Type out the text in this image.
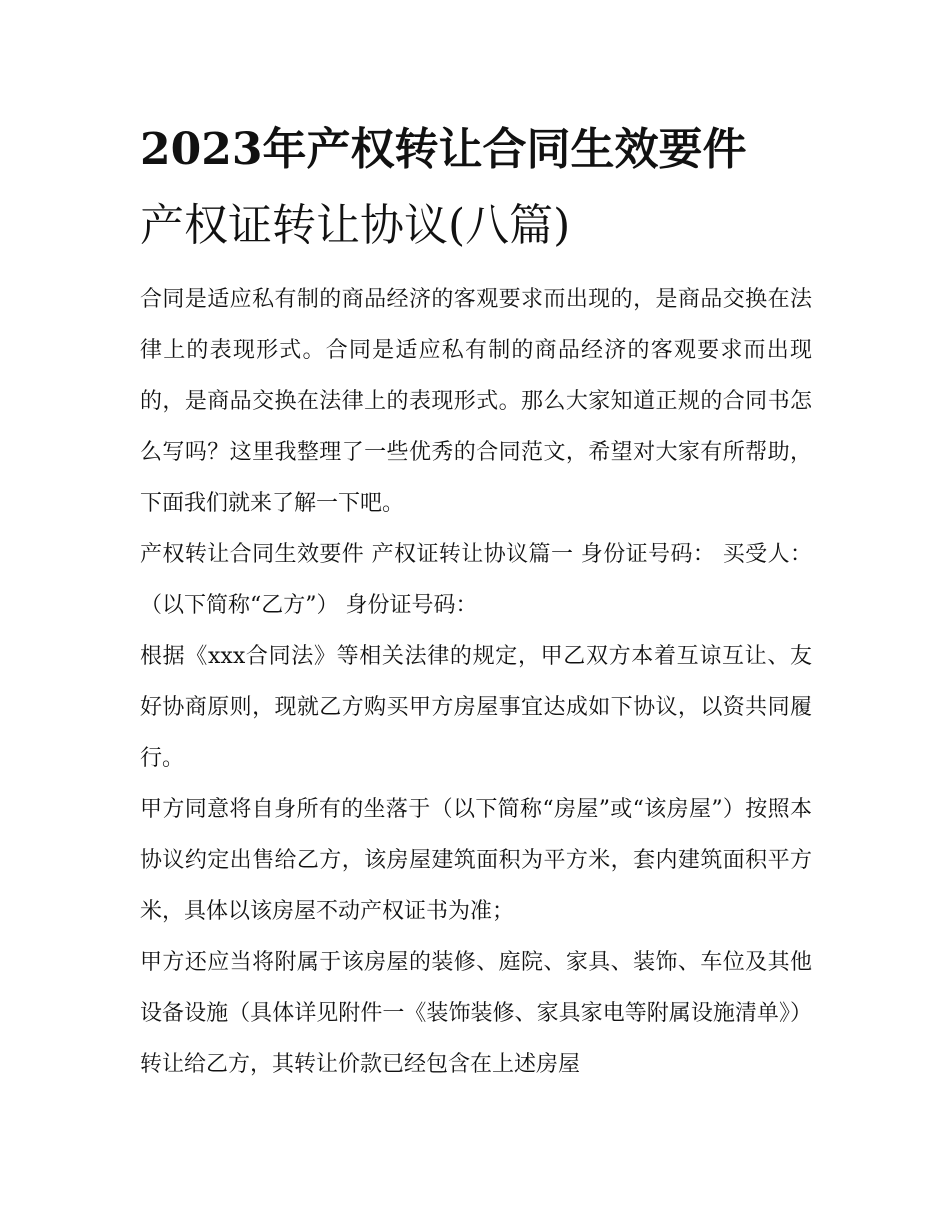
2023年产权转让合同生效要件
产权证转让协议(八篇)

合同是适应私有制的商品经济的客观要求而出现的，是商品交换在法律上的表现形式。合同是适应私有制的商品经济的客观要求而出现的，是商品交换在法律上的表现形式。那么大家知道正规的合同书怎么写吗？这里我整理了一些优秀的合同范文，希望对大家有所帮助，下面我们就来了解一下吧。

产权转让合同生效要件 产权证转让协议篇一 身份证号码： 买受人：（以下简称“乙方”） 身份证号码：

根据《xxx合同法》等相关法律的规定，甲乙双方本着互谅互让、友好协商原则，现就乙方购买甲方房屋事宜达成如下协议，以资共同履行。

甲方同意将自身所有的坐落于（以下简称“房屋”或“该房屋”）按照本协议约定出售给乙方，该房屋建筑面积为平方米，套内建筑面积平方米，具体以该房屋不动产权证书为准；

甲方还应当将附属于该房屋的装修、庭院、家具、装饰、车位及其他设备设施（具体详见附件一《装饰装修、家具家电等附属设施清单》）转让给乙方，其转让价款已经包含在上述房屋
